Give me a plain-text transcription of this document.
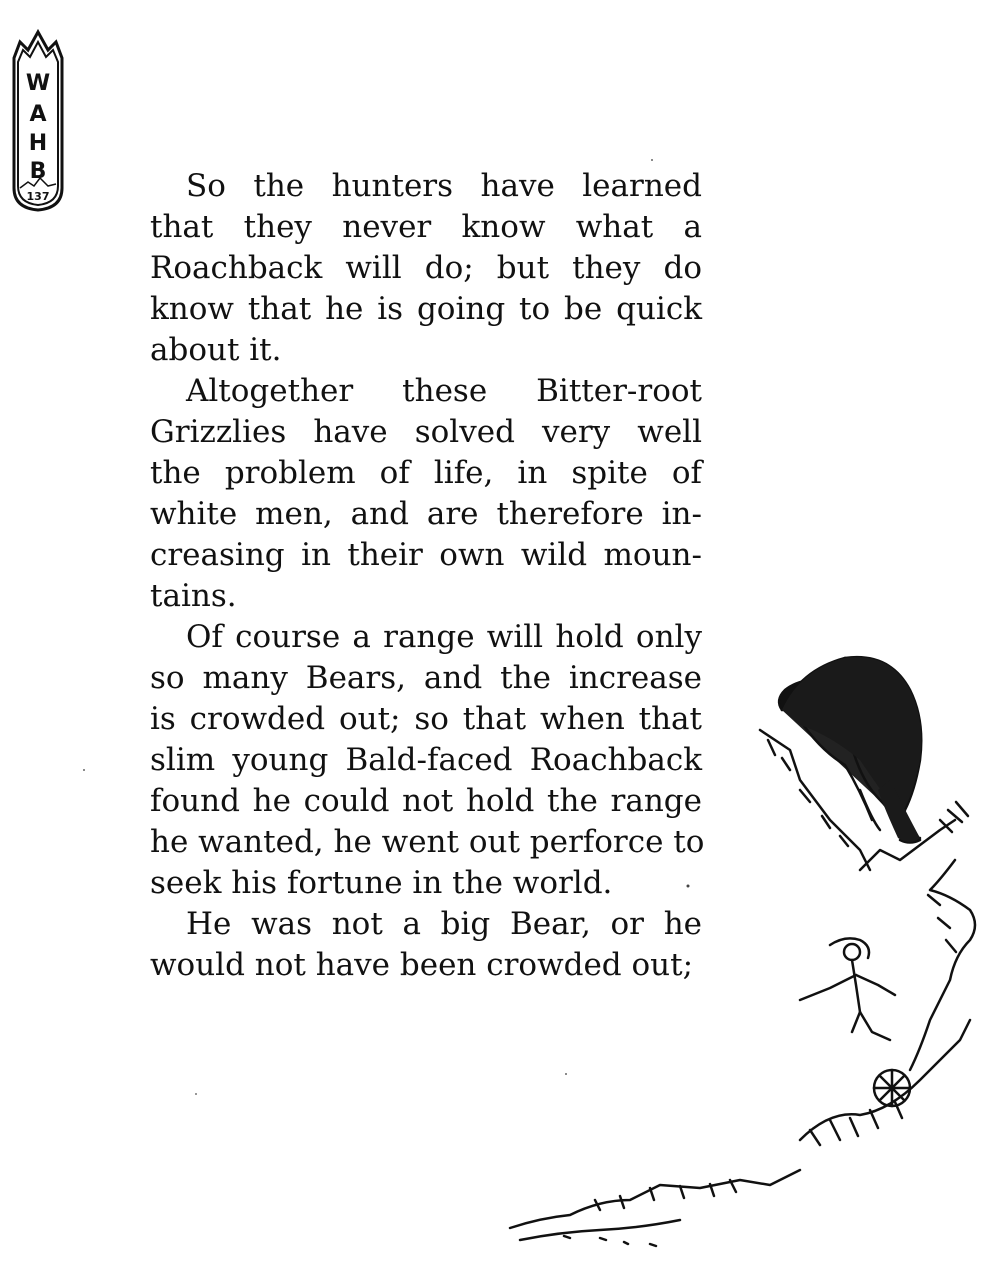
W
A
H
B
137	So the hunters have learned
that they never know what a
Roachback will do; but they do
know that he is going to be quick
about it.

Altogether these Bitter-root
Grizzlies have solved very well
the problem of life, in spite of
white men, and are therefore in-
creasing in their own wild moun-
tains.

Of course a range will hold only
so many Bears, and the increase
is crowded out; so that when that
slim young Bald-faced Roachback
found he could not hold the range
he wanted, he went out perforce to
seek his fortune in the world.

He was not a big Bear, or he
would not have been crowded out;
